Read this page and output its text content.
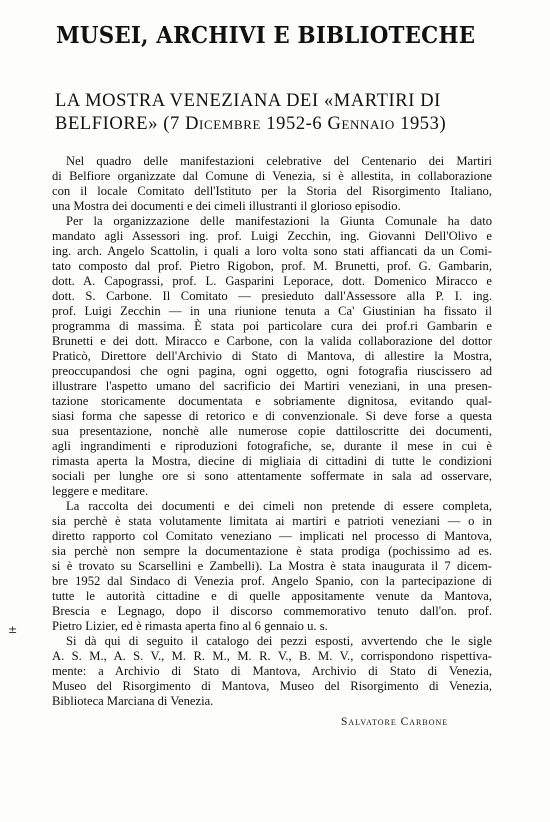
MUSEI, ARCHIVI E BIBLIOTECHE
LA MOSTRA VENEZIANA DEI «MARTIRI DI
BELFIORE» (7 Dicembre 1952-6 Gennaio 1953)
Nel quadro delle manifestazioni celebrative del Centenario dei Martiri
di Belfiore organizzate dal Comune di Venezia, si è allestita, in collaborazione
con il locale Comitato dell'Istituto per la Storia del Risorgimento Italiano,
una Mostra dei documenti e dei cimeli illustranti il glorioso episodio.
Per la organizzazione delle manifestazioni la Giunta Comunale ha dato
mandato agli Assessori ing. prof. Luigi Zecchin, ing. Giovanni Dell'Olivo e
ing. arch. Angelo Scattolin, i quali a loro volta sono stati affiancati da un Comi-
tato composto dal prof. Pietro Rigobon, prof. M. Brunetti, prof. G. Gambarin,
dott. A. Capograssi, prof. L. Gasparini Leporace, dott. Domenico Miracco e
dott. S. Carbone. Il Comitato — presieduto dall'Assessore alla P. I. ing.
prof. Luigi Zecchin — in una riunione tenuta a Ca' Giustinian ha fissato il
programma di massima. È stata poi particolare cura dei prof.ri Gambarin e
Brunetti e dei dott. Miracco e Carbone, con la valida collaborazione del dottor
Praticò, Direttore dell'Archivio di Stato di Mantova, di allestire la Mostra,
preoccupandosi che ogni pagina, ogni oggetto, ogni fotografia riuscissero ad
illustrare l'aspetto umano del sacrificio dei Martiri veneziani, in una presen-
tazione storicamente documentata e sobriamente dignitosa, evitando qual-
siasi forma che sapesse di retorico e di convenzionale. Si deve forse a questa
sua presentazione, nonchè alle numerose copie dattiloscritte dei documenti,
agli ingrandimenti e riproduzioni fotografiche, se, durante il mese in cui è
rimasta aperta la Mostra, diecine di migliaia di cittadini di tutte le condizioni
sociali per lunghe ore si sono attentamente soffermate in sala ad osservare,
leggere e meditare.
La raccolta dei documenti e dei cimeli non pretende di essere completa,
sia perchè è stata volutamente limitata ai martiri e patrioti veneziani — o in
diretto rapporto col Comitato veneziano — implicati nel processo di Mantova,
sia perchè non sempre la documentazione è stata prodiga (pochissimo ad es.
si è trovato su Scarsellini e Zambelli). La Mostra è stata inaugurata il 7 dicem-
bre 1952 dal Sindaco di Venezia prof. Angelo Spanio, con la partecipazione di
tutte le autorità cittadine e di quelle appositamente venute da Mantova,
Brescia e Legnago, dopo il discorso commemorativo tenuto dall'on. prof.
Pietro Lizier, ed è rimasta aperta fino al 6 gennaio u. s.
Si dà qui di seguito il catalogo dei pezzi esposti, avvertendo che le sigle
A. S. M., A. S. V., M. R. M., M. R. V., B. M. V., corrispondono rispettiva-
mente: a Archivio di Stato di Mantova, Archivio di Stato di Venezia,
Museo del Risorgimento di Mantova, Museo del Risorgimento di Venezia,
Biblioteca Marciana di Venezia.
±
Salvatore Carbone
